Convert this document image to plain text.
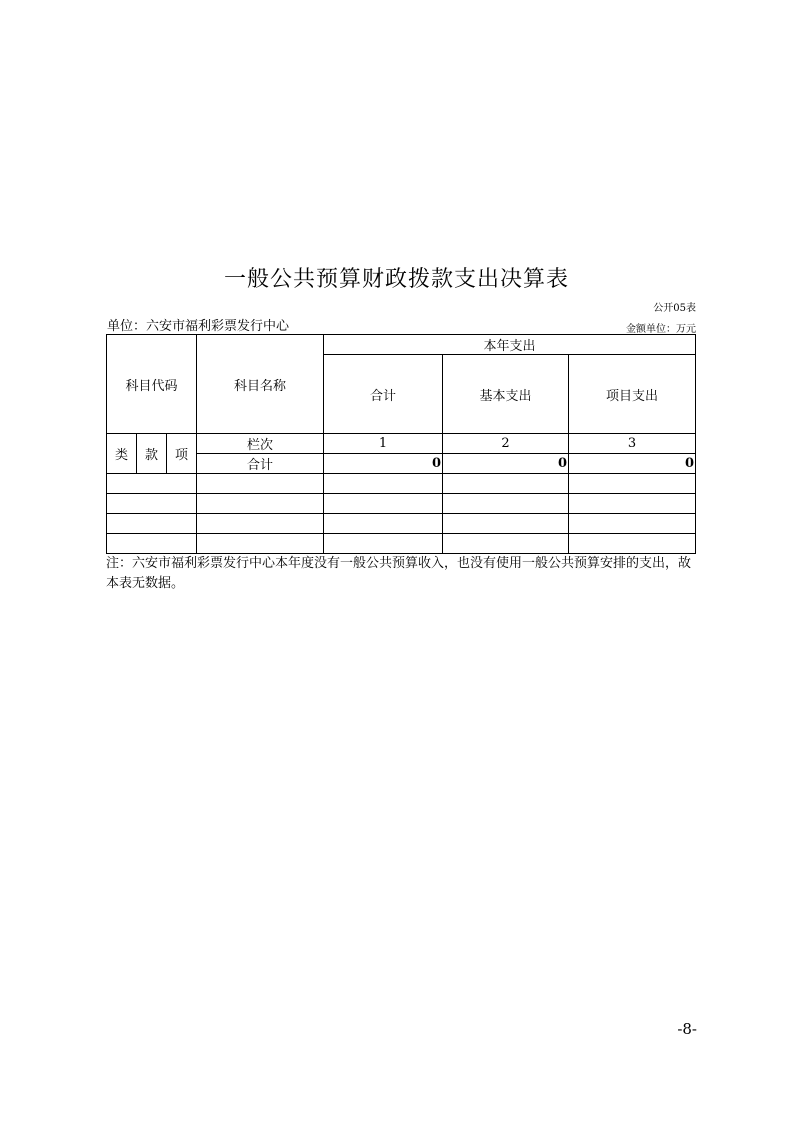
一般公共预算财政拨款支出决算表
公开05表
单位：六安市福利彩票发行中心	金额单位：万元
科目代码			科目名称	本年支出		
				合计	基本支出	项目支出
类	款	项	栏次	1	2	3
			合计	0	0	0

注：六安市福利彩票发行中心本年度没有一般公共预算收入，也没有使用一般公共预算安排的支出，故本表无数据。

-8-
